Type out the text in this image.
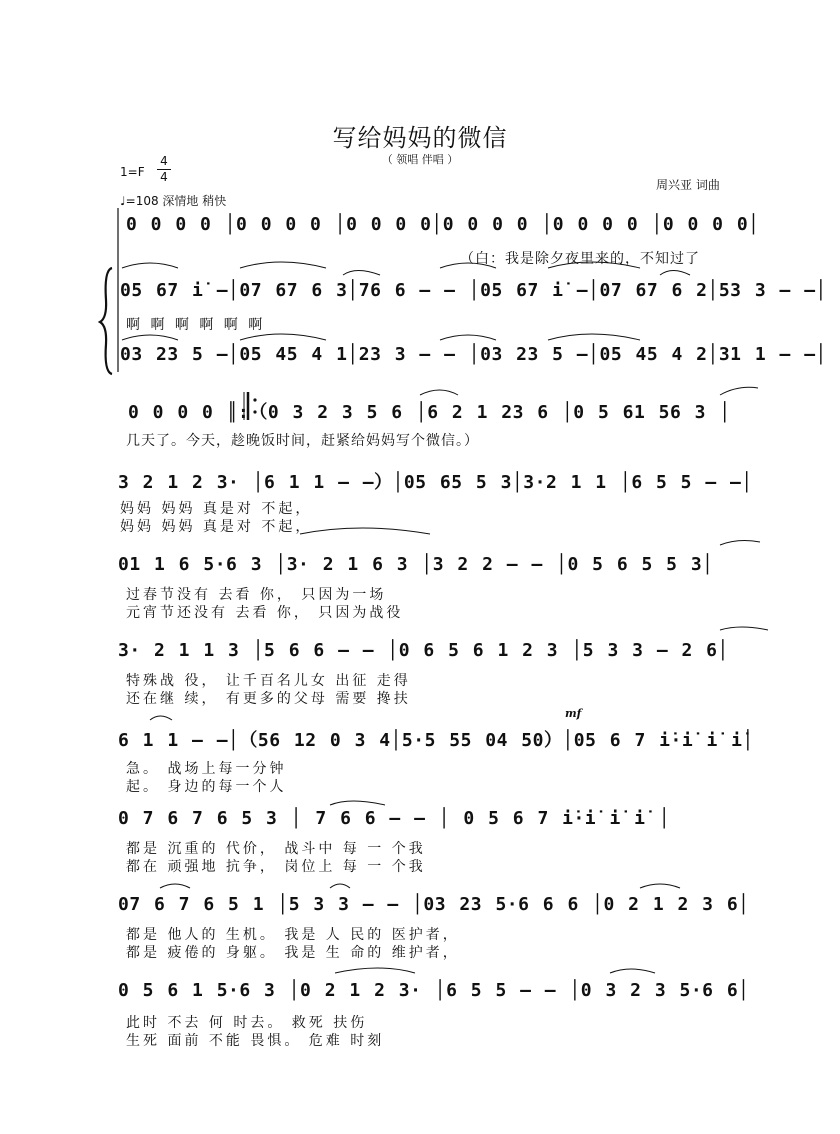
写给妈妈的微信
（ 领唱 伴唱 ）
1=F
4
4
♩=108 深情地 稍快
周兴亚 词曲
0 0 0 0 │0 0 0 0 │0 0 0 0│0 0 0 0 │0 0 0 0 │0 0 0 0│
（白：我是除夕夜里来的，不知过了
05 67 i̇ –│07 67 6 3│76 6 – – │05 67 i̇ –│07 67 6 2│53 3 – –│
啊 啊 啊 啊 啊 啊
03 23 5 –│05 45 4 1│23 3 – – │03 23 5 –│05 45 4 2│31 1 – –│
0 0 0 0 ║:（0 3 2 3 5 6 │6 2 1 23 6 │0 5 61 56 3 │
几天了。今天，趁晚饭时间，赶紧给妈妈写个微信。）
3 2 1 2 3· │6 1 1 – –）│05 65 5 3│3·2 1 1 │6 5 5 – –│
妈妈 妈妈 真是对 不起，
妈妈 妈妈 真是对 不起，
01 1 6 5·6 3 │3· 2 1 6 3 │3 2 2 – – │0 5 6 5 5 3│
过春节没有 去看 你， 只因为一场
元宵节还没有 去看 你， 只因为战役
3· 2 1 1 3 │5 6 6 – – │0 6 5 6 1 2 3 │5 3 3 – 2 6│
特殊战 役， 让千百名儿女 出征 走得
还在继 续， 有更多的父母 需要 搀扶
mf
6 1 1 – –│（56 12 0 3 4│5·5 55 04 50）│05 6 7 i̇·i̇ i̇ i̇│
急。 战场上每一分钟
起。 身边的每一个人
0 7 6 7 6 5 3 │ 7 6 6 – – │ 0 5 6 7 i̇·i̇ i̇ i̇ │
都是 沉重的 代价， 战斗中 每 一 个我
都在 顽强地 抗争， 岗位上 每 一 个我
07 6 7 6 5 1 │5 3 3 – – │03 23 5·6 6 6 │0 2 1 2 3 6│
都是 他人的 生机。 我是 人 民的 医护者，
都是 疲倦的 身躯。 我是 生 命的 维护者，
0 5 6 1 5·6 3 │0 2 1 2 3· │6 5 5 – – │0 3 2 3 5·6 6│
此时 不去 何 时去。 救死 扶伤
生死 面前 不能 畏惧。 危难 时刻
